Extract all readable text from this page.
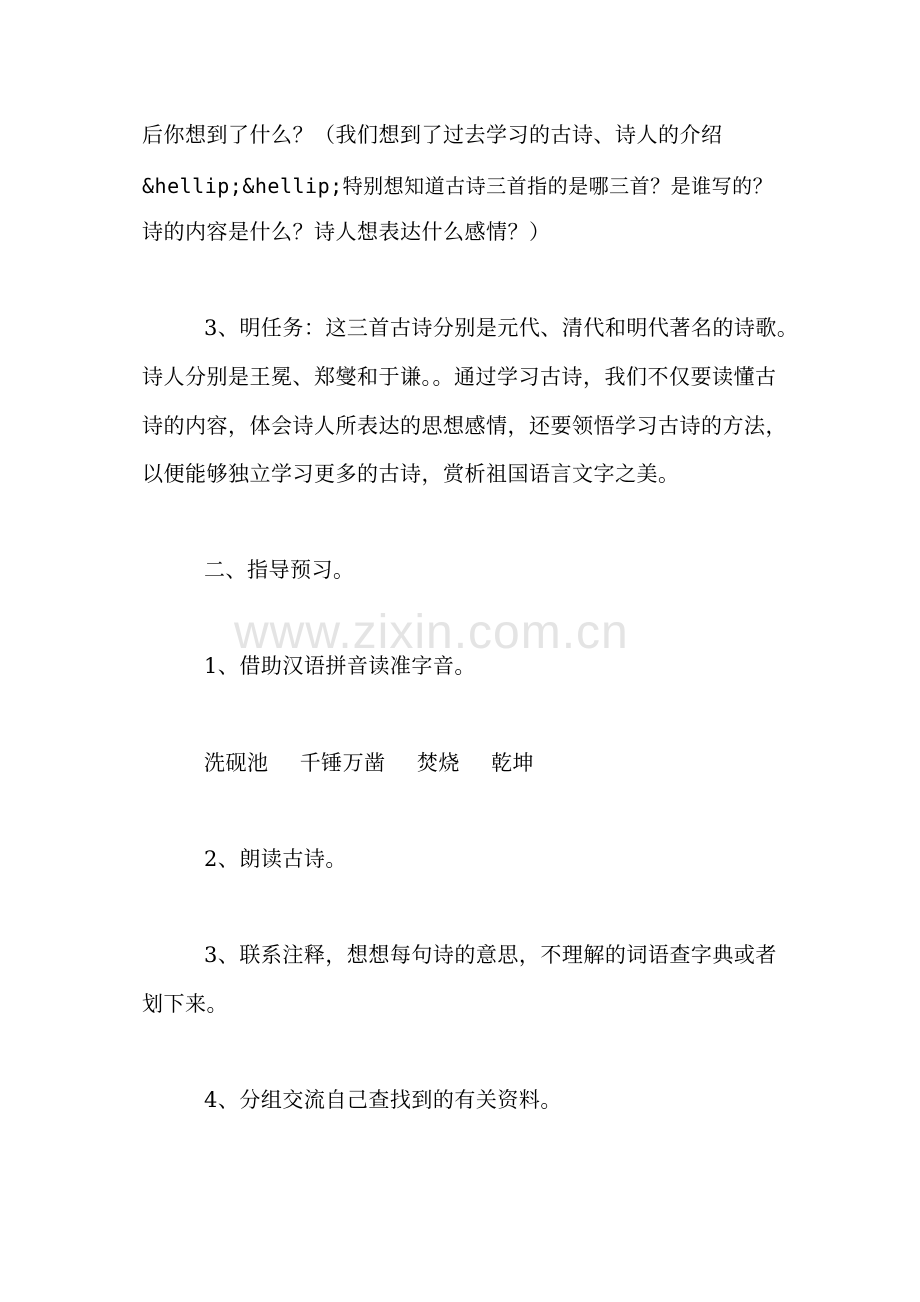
后你想到了什么？（我们想到了过去学习的古诗、诗人的介绍
&hellip;&hellip;特别想知道古诗三首指的是哪三首？是谁写的？
诗的内容是什么？诗人想表达什么感情？）
3、明任务：这三首古诗分别是元代、清代和明代著名的诗歌。
诗人分别是王冕、郑燮和于谦。。通过学习古诗，我们不仅要读懂古
诗的内容，体会诗人所表达的思想感情，还要领悟学习古诗的方法，
以便能够独立学习更多的古诗，赏析祖国语言文字之美。
二、指导预习。
www.zixin.com.cn
1、借助汉语拼音读准字音。
洗砚池 千锤万凿 焚烧 乾坤
2、朗读古诗。
3、联系注释，想想每句诗的意思，不理解的词语查字典或者
划下来。
4、分组交流自己查找到的有关资料。
